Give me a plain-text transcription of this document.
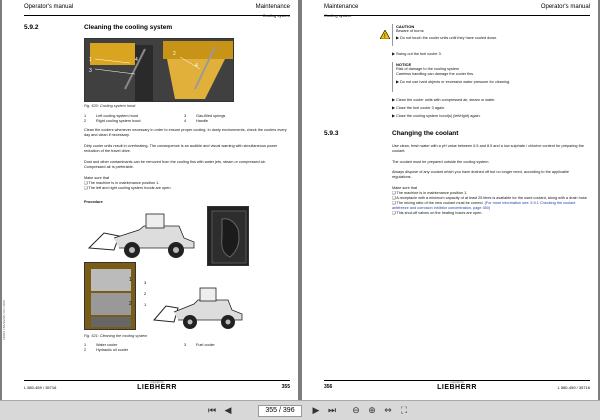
Operator's manual	Maintenance
Cooling system
5.9.2	Cleaning the cooling system
1
3
4
2
4
Fig. 520: Cooling system hood
1	Left cooling system hood	3	Gas-filled springs
2	Right cooling system hood	4	Handle
Clean the coolers whenever necessary in order to ensure proper cooling. In dusty environments, check the coolers every day and clean if necessary.
Dirty cooler units result in overheating. The consequence is an audible and visual warning with simultaneous power reduction of the travel drive.
Dust and other contaminants can be removed from the cooling fins with water jets, steam or compressed air. Compressed air is preferable.
Make sure that
❑ The machine is in maintenance position 1.
❑ The left and right cooling system hoods are open.
Procedure
1
2
3
2
1
Fig. 521: Cleaning the cooling system
1	Water cooler	3	Fuel cooler
2	Hydraulic oil cooler
L580/1 / BA/3/2/38 / 03 / 2015
L 580-459 / 35716
copyright by
LIEBHERR	355
Maintenance	Operator's manual
Cooling system
!
CAUTION
Beware of burns
▶ Do not touch the cooler units until they have cooled down.
▶ Swing out the fuel cooler 3.
NOTICE
Risk of damage to the cooling system
Careless handling can damage the cooler fins.
▶ Do not use hard objects or excessive water pressure for cleaning.
▶ Clean the cooler units with compressed air, steam or water.
▶ Close the fuel cooler 3 again.
▶ Close the cooling system hood(s) (left/right) again.
5.9.3	Changing the coolant
Use clean, fresh water with a pH value between 6.5 and 8.5 and a low sulphate / chlorine content for preparing the coolant.
The coolant must be prepared outside the cooling system.
Always dispose of any coolant which you have drained off but no longer need, according to the applicable regulations.
Make sure that
❑ The machine is in maintenance position 1.
❑ A receptacle with a minimum capacity of at least 25 litres is available for the used coolant, along with a drain hose.
❑ The mixing ratio of the new coolant must be correct. (For more information see: 5.9.1 Checking the coolant antifreeze and corrosion inhibitor concentration, page 350)
❑ This shut-off valves on the heating hoses are open.
356
copyright by
LIEBHERR	L 580-459 / 35716
⏮ ◀	355 / 396	▶ ⏭ ⊖ ⊕ ⇔	⛶
